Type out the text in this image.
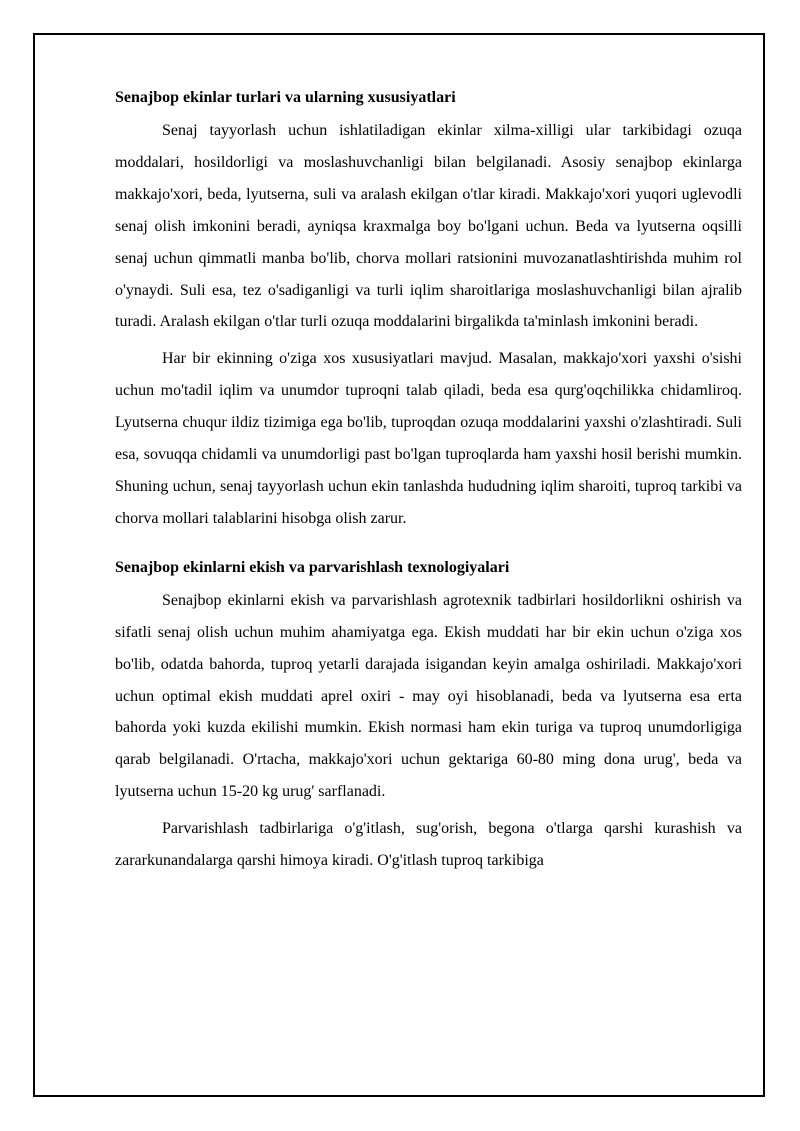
Senajbop ekinlar turlari va ularning xususiyatlari

Senaj tayyorlash uchun ishlatiladigan ekinlar xilma-xilligi ular tarkibidagi ozuqa moddalari, hosildorligi va moslashuvchanligi bilan belgilanadi. Asosiy senajbop ekinlarga makkajo'xori, beda, lyutserna, suli va aralash ekilgan o'tlar kiradi. Makkajo'xori yuqori uglevodli senaj olish imkonini beradi, ayniqsa kraxmalga boy bo'lgani uchun. Beda va lyutserna oqsilli senaj uchun qimmatli manba bo'lib, chorva mollari ratsionini muvozanatlashtirishda muhim rol o'ynaydi. Suli esa, tez o'sadiganligi va turli iqlim sharoitlariga moslashuvchanligi bilan ajralib turadi. Aralash ekilgan o'tlar turli ozuqa moddalarini birgalikda ta'minlash imkonini beradi.

Har bir ekinning o'ziga xos xususiyatlari mavjud. Masalan, makkajo'xori yaxshi o'sishi uchun mo'tadil iqlim va unumdor tuproqni talab qiladi, beda esa qurg'oqchilikka chidamliroq. Lyutserna chuqur ildiz tizimiga ega bo'lib, tuproqdan ozuqa moddalarini yaxshi o'zlashtiradi. Suli esa, sovuqqa chidamli va unumdorligi past bo'lgan tuproqlarda ham yaxshi hosil berishi mumkin. Shuning uchun, senaj tayyorlash uchun ekin tanlashda hududning iqlim sharoiti, tuproq tarkibi va chorva mollari talablarini hisobga olish zarur.

Senajbop ekinlarni ekish va parvarishlash texnologiyalari

Senajbop ekinlarni ekish va parvarishlash agrotexnik tadbirlari hosildorlikni oshirish va sifatli senaj olish uchun muhim ahamiyatga ega. Ekish muddati har bir ekin uchun o'ziga xos bo'lib, odatda bahorda, tuproq yetarli darajada isigandan keyin amalga oshiriladi. Makkajo'xori uchun optimal ekish muddati aprel oxiri - may oyi hisoblanadi, beda va lyutserna esa erta bahorda yoki kuzda ekilishi mumkin. Ekish normasi ham ekin turiga va tuproq unumdorligiga qarab belgilanadi. O'rtacha, makkajo'xori uchun gektariga 60-80 ming dona urug', beda va lyutserna uchun 15-20 kg urug' sarflanadi.

Parvarishlash tadbirlariga o'g'itlash, sug'orish, begona o'tlarga qarshi kurashish va zararkunandalarga qarshi himoya kiradi. O'g'itlash tuproq tarkibiga
